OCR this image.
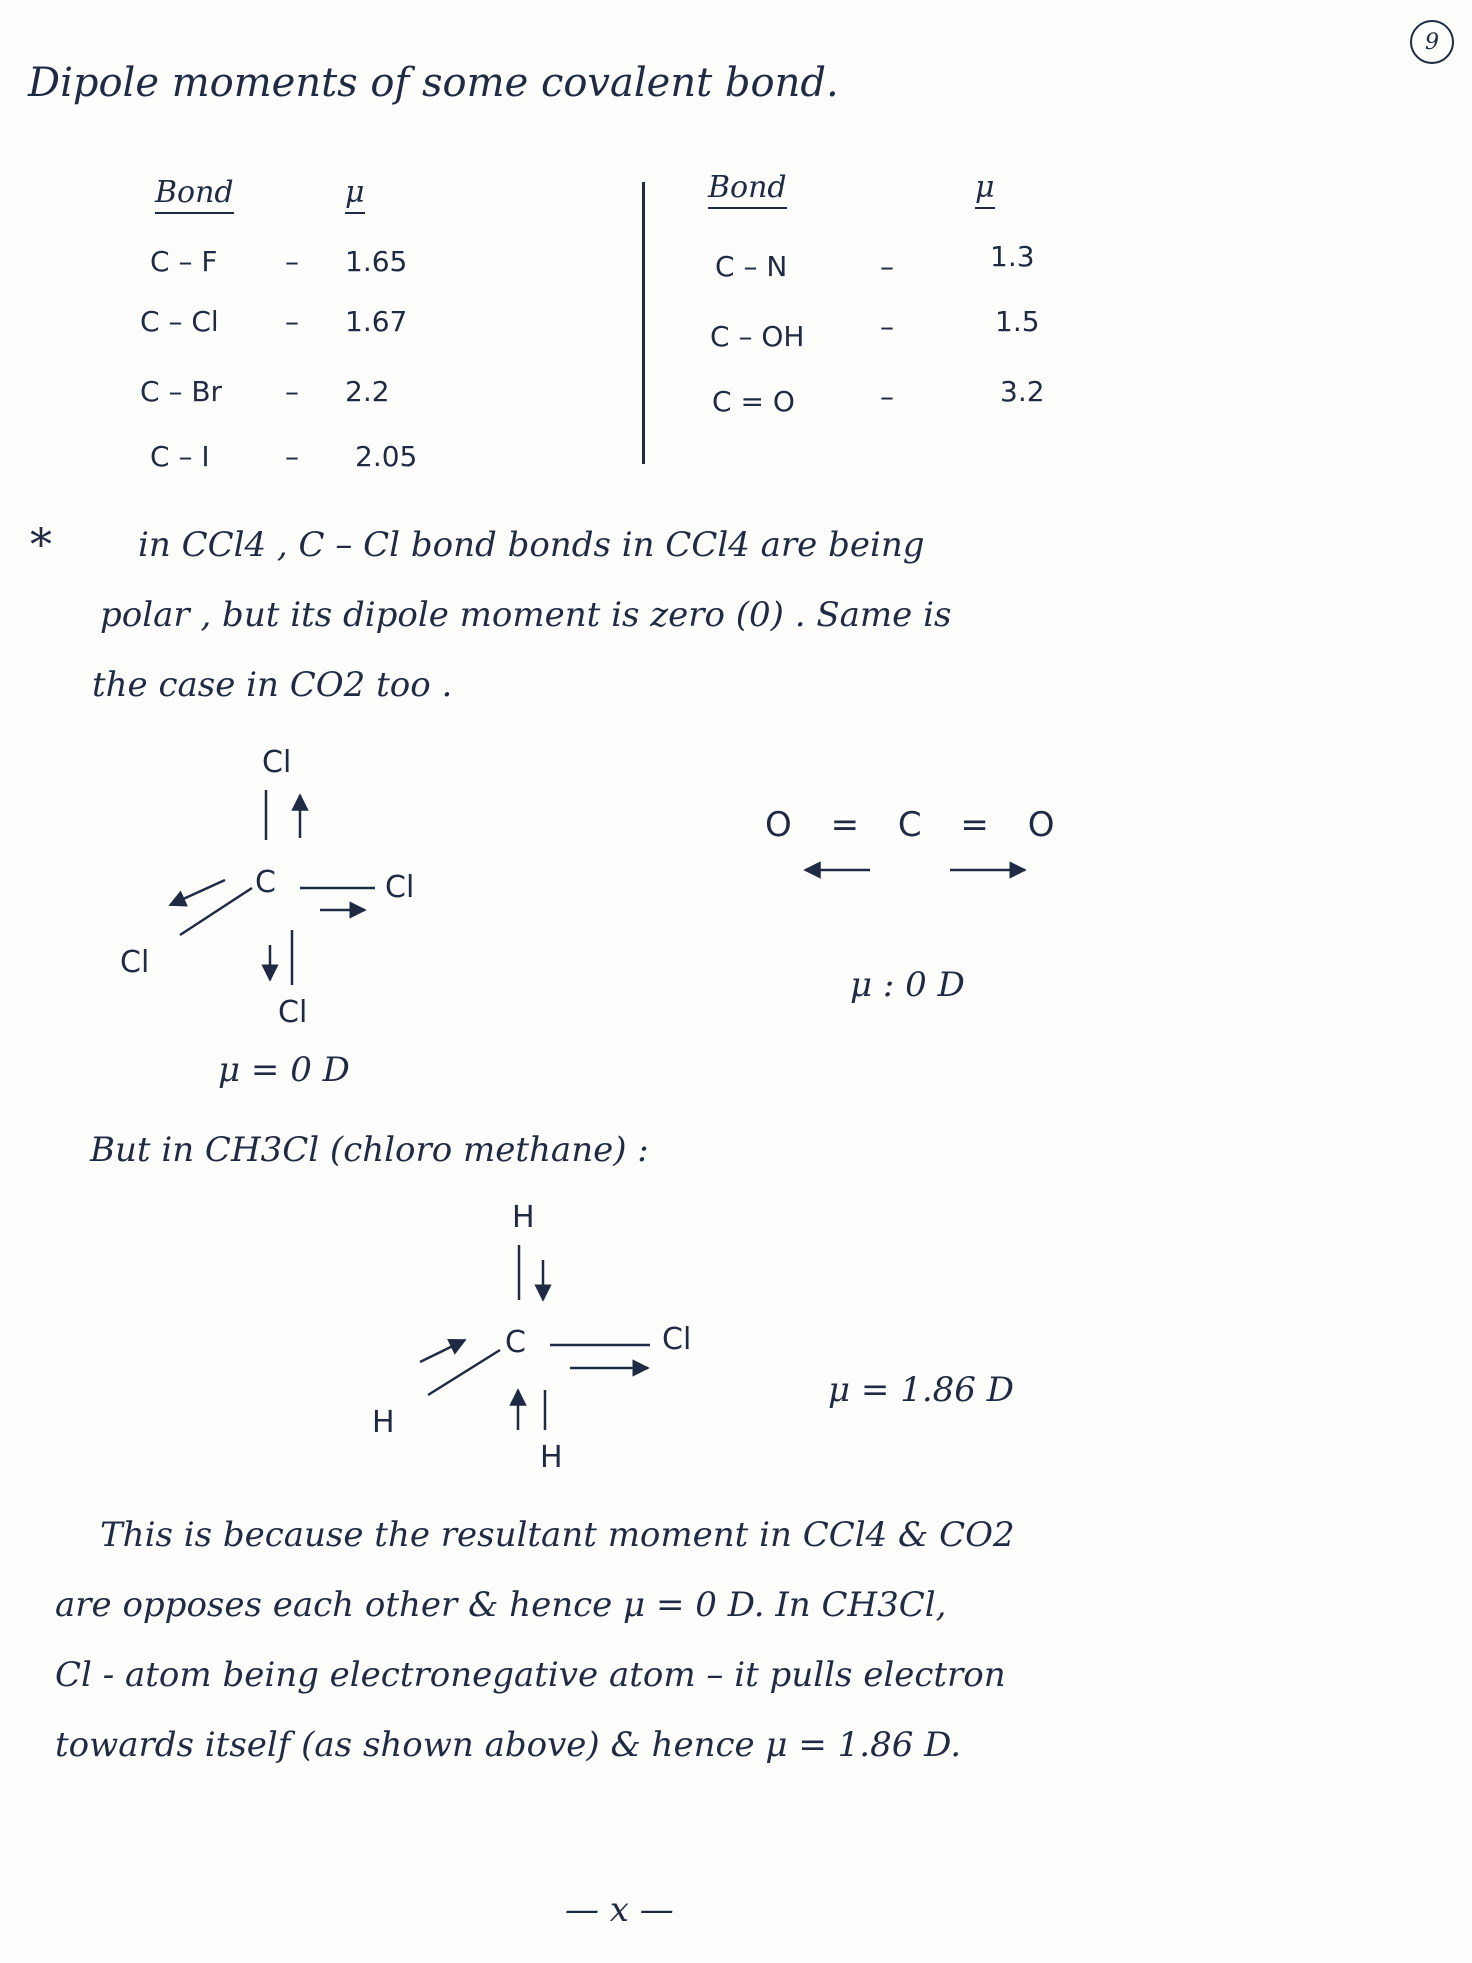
9
Dipole moments of some covalent bond.
Bond	μ
C – F – 1.65
C – Cl – 1.67
C – Br – 2.2
C – I	– 2.05
Bond	μ
C – N	–	1.3
C – OH	–	1.5
C = O	–	3.2
*	in CCl4 , C – Cl bond bonds in CCl4 are being
polar , but its dipole moment is zero (0) . Same is
the case in CO2 too .
Cl
C	Cl
Cl
Cl
μ = 0 D
O = C = O
μ : 0 D
But in CH3Cl (chloro methane) :
H
C	Cl
H
H
μ = 1.86 D
This is because the resultant moment in CCl4 & CO2
are opposes each other & hence μ = 0 D. In CH3Cl,
Cl - atom being electronegative atom – it pulls electron
towards itself (as shown above) & hence μ = 1.86 D.
— x —
